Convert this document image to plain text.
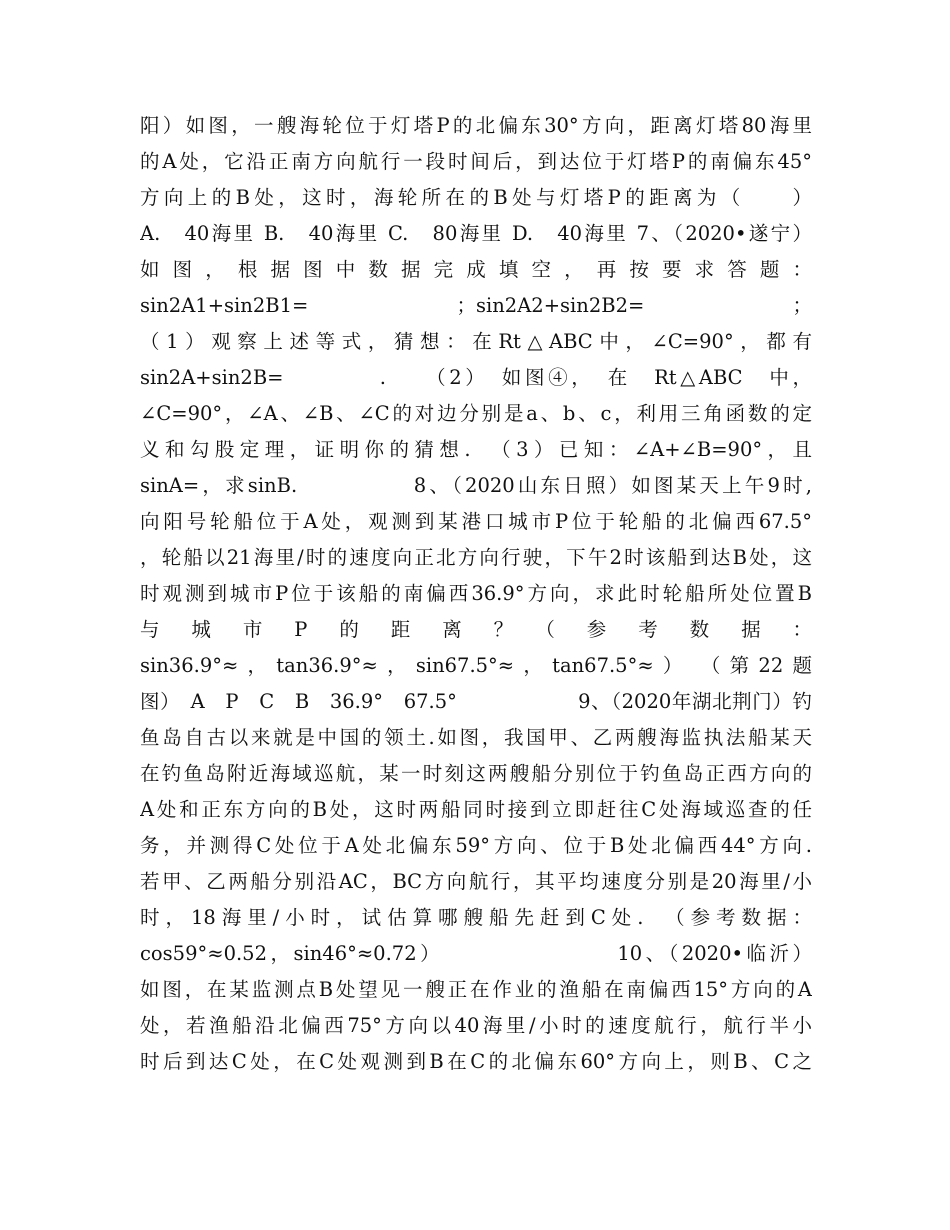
阳）如图，一艘海轮位于灯塔P的北偏东30°方向，距离灯塔80海里
的A处，它沿正南方向航行一段时间后，到达位于灯塔P的南偏东45°
方向上的B处，这时，海轮所在的B处与灯塔P的距离为（　　）
A.　40海里 B.　40海里 C.　80海里 D.　40海里 7、（2020•遂宁）
如 图 ， 根 据 图 中 数 据 完 成 填 空 ， 再 按 要 求 答 题 ：
sin2A1+sin2B1=　　　；sin2A2+sin2B2=　　　；　　　
（1）观察上述等式，猜想：在Rt△ABC中，∠C=90°，都有
sin2A+sin2B=　　　　.　　（2）　如图④，　在　Rt△ABC　中，
∠C=90°，∠A、∠B、∠C的对边分别是a、b、c，利用三角函数的定
义和勾股定理，证明你的猜想.　（3）已知：∠A+∠B=90°，且
sinA=，求sinB.　　　　　8、（2020山东日照）如图某天上午9时,
向阳号轮船位于A处，观测到某港口城市P位于轮船的北偏西67.5°
，轮船以21海里/时的速度向正北方向行驶，下午2时该船到达B处，这
时观测到城市P位于该船的南偏西36.9°方向，求此时轮船所处位置B
与　城　市　P　的　距　离　？　（　参　考　数　据　：
sin36.9°≈，tan36.9°≈，sin67.5°≈，tan67.5°≈）　（第22题
图）　A　P　C　B　36.9°　67.5°　　　　　　9、（2020年湖北荆门）钓
鱼岛自古以来就是中国的领土.如图，我国甲、乙两艘海监执法船某天
在钓鱼岛附近海域巡航，某一时刻这两艘船分别位于钓鱼岛正西方向的
A处和正东方向的B处，这时两船同时接到立即赶往C处海域巡查的任
务，并测得C处位于A处北偏东59°方向、位于B处北偏西44°方向.
若甲、乙两船分别沿AC，BC方向航行，其平均速度分别是20海里/小
时，18海里/小时，试估算哪艘船先赶到C处.　（参考数据：
cos59°≈0.52，sin46°≈0.72）　　　　　　　　10、（2020•临沂）
如图，在某监测点B处望见一艘正在作业的渔船在南偏西15°方向的A
处，若渔船沿北偏西75°方向以40海里/小时的速度航行，航行半小
时后到达C处，在C处观测到B在C的北偏东60°方向上，则B、C之
